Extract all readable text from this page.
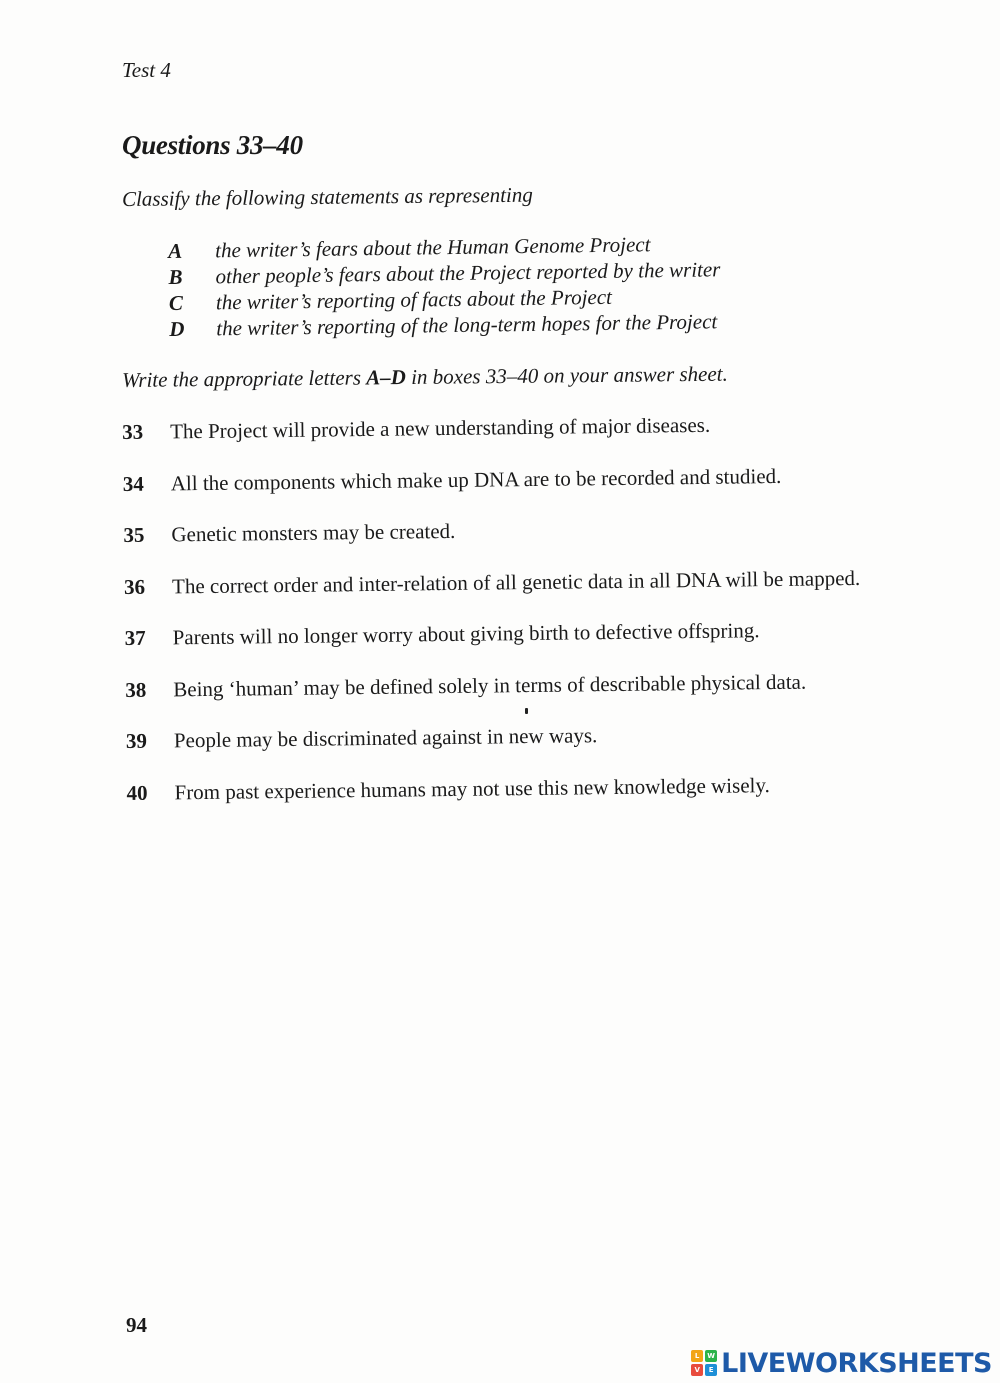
Test 4
Questions 33–40
Classify the following statements as representing
A	the writer’s fears about the Human Genome Project
B	other people’s fears about the Project reported by the writer
C	the writer’s reporting of facts about the Project
D	the writer’s reporting of the long-term hopes for the Project
Write the appropriate letters A–D in boxes 33–40 on your answer sheet.
33	The Project will provide a new understanding of major diseases.
34	All the components which make up DNA are to be recorded and studied.
35	Genetic monsters may be created.
36	The correct order and inter-relation of all genetic data in all DNA will be mapped.
37	Parents will no longer worry about giving birth to defective offspring.
38	Being ‘human’ may be defined solely in terms of describable physical data.
39	People may be discriminated against in new ways.
40	From past experience humans may not use this new knowledge wisely.
94
L	W
V	E LIVEWORKSHEETS
